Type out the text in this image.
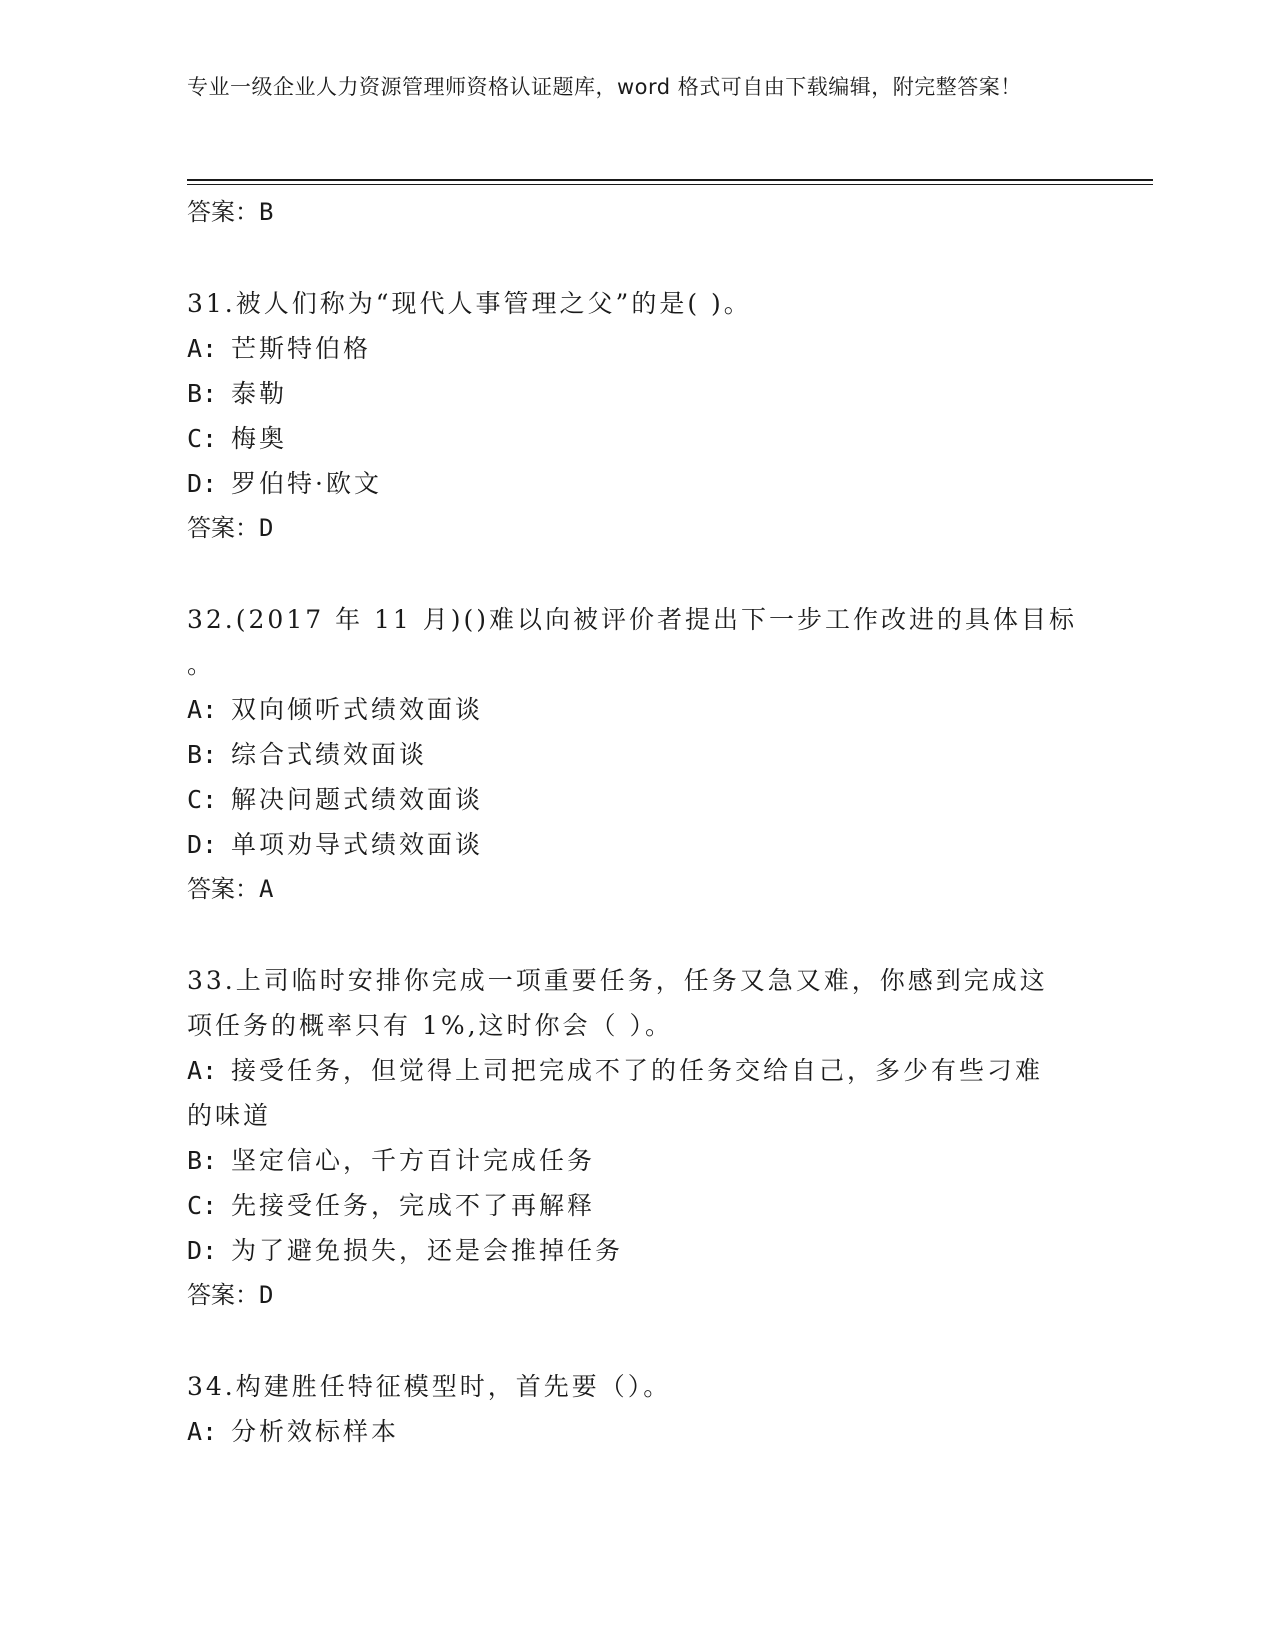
专业一级企业人力资源管理师资格认证题库，word 格式可自由下载编辑，附完整答案！
答案：B
31.被人们称为“现代人事管理之父”的是( )。
A: 芒斯特伯格
B: 泰勒
C: 梅奥
D: 罗伯特·欧文
答案：D
32.(2017 年 11 月)()难以向被评价者提出下一步工作改进的具体目标
。
A: 双向倾听式绩效面谈
B: 综合式绩效面谈
C: 解决问题式绩效面谈
D: 单项劝导式绩效面谈
答案：A
33.上司临时安排你完成一项重要任务，任务又急又难，你感到完成这
项任务的概率只有 1%,这时你会（ ）。
A: 接受任务，但觉得上司把完成不了的任务交给自己，多少有些刁难
的味道
B: 坚定信心，千方百计完成任务
C: 先接受任务，完成不了再解释
D: 为了避免损失，还是会推掉任务
答案：D
34.构建胜任特征模型时，首先要（）。
A: 分析效标样本
